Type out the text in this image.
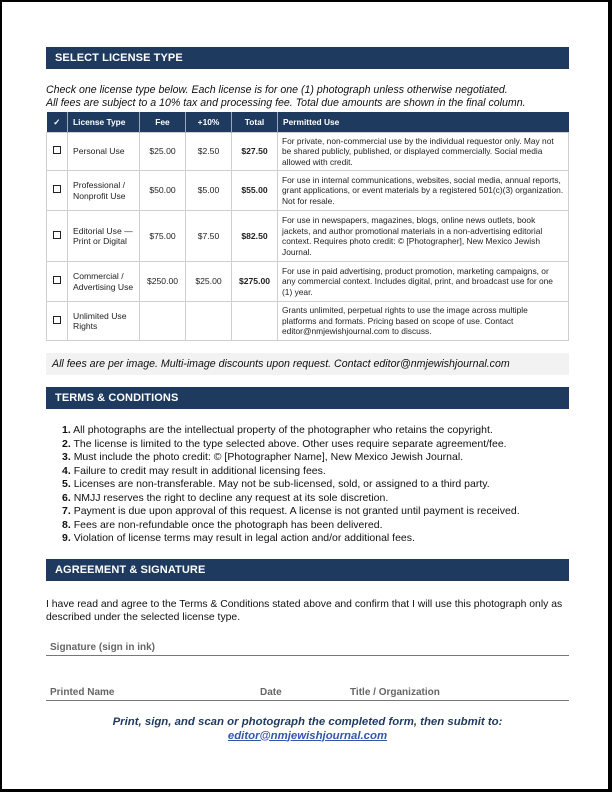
SELECT LICENSE TYPE
Check one license type below. Each license is for one (1) photograph unless otherwise negotiated.
All fees are subject to a 10% tax and processing fee. Total due amounts are shown in the final column.
✓	License Type	Fee	+10%	Total	Permitted Use
	Personal Use	$25.00	$2.50	$27.50	For private, non-commercial use by the individual requestor only. May not be shared publicly, published, or displayed commercially. Social media allowed with credit.
	Professional / Nonprofit Use	$50.00	$5.00	$55.00	For use in internal communications, websites, social media, annual reports, grant applications, or event materials by a registered 501(c)(3) organization. Not for resale.
	Editorial Use — Print or Digital	$75.00	$7.50	$82.50	For use in newspapers, magazines, blogs, online news outlets, book jackets, and author promotional materials in a non-advertising editorial context. Requires photo credit: © [Photographer], New Mexico Jewish Journal.
	Commercial / Advertising Use	$250.00	$25.00	$275.00	For use in paid advertising, product promotion, marketing campaigns, or any commercial context. Includes digital, print, and broadcast use for one (1) year.
	Unlimited Use Rights				Grants unlimited, perpetual rights to use the image across multiple platforms and formats. Pricing based on scope of use. Contact editor@nmjewishjournal.com to discuss.
All fees are per image. Multi-image discounts upon request. Contact editor@nmjewishjournal.com
TERMS & CONDITIONS
1. All photographs are the intellectual property of the photographer who retains the copyright.
2. The license is limited to the type selected above. Other uses require separate agreement/fee.
3. Must include the photo credit: © [Photographer Name], New Mexico Jewish Journal.
4. Failure to credit may result in additional licensing fees.
5. Licenses are non-transferable. May not be sub-licensed, sold, or assigned to a third party.
6. NMJJ reserves the right to decline any request at its sole discretion.
7. Payment is due upon approval of this request. A license is not granted until payment is received.
8. Fees are non-refundable once the photograph has been delivered.
9. Violation of license terms may result in legal action and/or additional fees.
AGREEMENT & SIGNATURE
I have read and agree to the Terms & Conditions stated above and confirm that I will use this photograph only as described under the selected license type.
Signature (sign in ink)
Printed Name	Date	Title / Organization
Print, sign, and scan or photograph the completed form, then submit to:
editor@nmjewishjournal.com
